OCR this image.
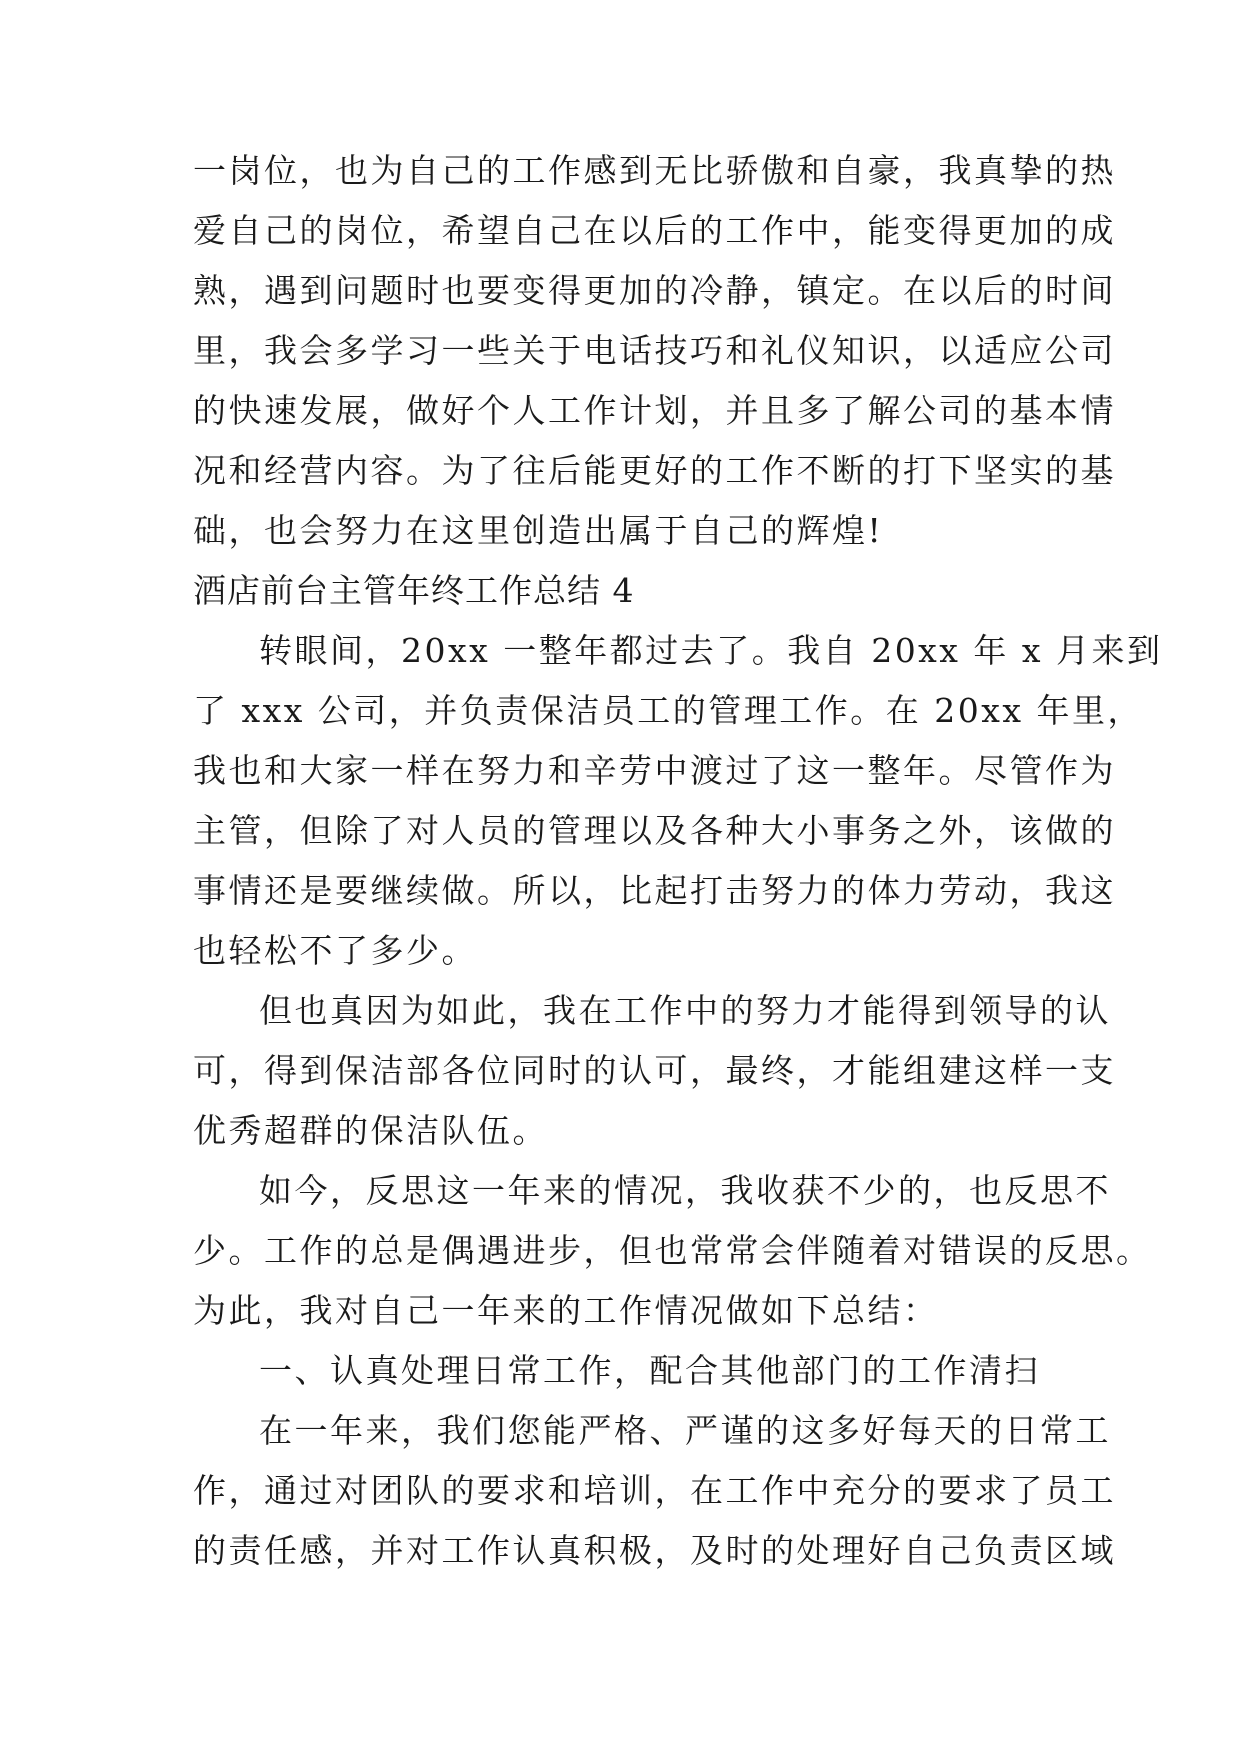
一岗位，也为自己的工作感到无比骄傲和自豪，我真挚的热
爱自己的岗位，希望自己在以后的工作中，能变得更加的成
熟，遇到问题时也要变得更加的冷静，镇定。在以后的时间
里，我会多学习一些关于电话技巧和礼仪知识，以适应公司
的快速发展，做好个人工作计划，并且多了解公司的基本情
况和经营内容。为了往后能更好的工作不断的打下坚实的基
础，也会努力在这里创造出属于自己的辉煌!
酒店前台主管年终工作总结 4
转眼间，20xx 一整年都过去了。我自 20xx 年 x 月来到
了 xxx 公司，并负责保洁员工的管理工作。在 20xx 年里，
我也和大家一样在努力和辛劳中渡过了这一整年。尽管作为
主管，但除了对人员的管理以及各种大小事务之外，该做的
事情还是要继续做。所以，比起打击努力的体力劳动，我这
也轻松不了多少。
但也真因为如此，我在工作中的努力才能得到领导的认
可，得到保洁部各位同时的认可，最终，才能组建这样一支
优秀超群的保洁队伍。
如今，反思这一年来的情况，我收获不少的，也反思不
少。工作的总是偶遇进步，但也常常会伴随着对错误的反思。
为此，我对自己一年来的工作情况做如下总结：
一、认真处理日常工作，配合其他部门的工作清扫
在一年来，我们您能严格、严谨的这多好每天的日常工
作，通过对团队的要求和培训，在工作中充分的要求了员工
的责任感，并对工作认真积极，及时的处理好自己负责区域
